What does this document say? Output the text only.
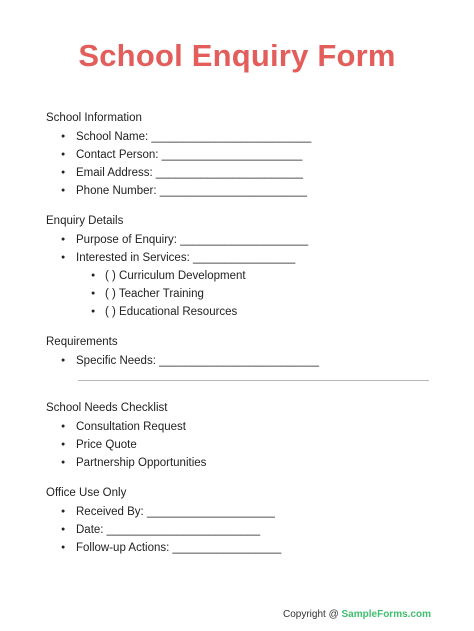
School Enquiry Form
School Information
● School Name: _________________________
● Contact Person: ______________________
● Email Address: _______________________
● Phone Number: _______________________
Enquiry Details
● Purpose of Enquiry: ____________________
● Interested in Services: ________________
● ( ) Curriculum Development
● ( ) Teacher Training
● ( ) Educational Resources
Requirements
● Specific Needs: _________________________
School Needs Checklist
● Consultation Request
● Price Quote
● Partnership Opportunities
Office Use Only
● Received By: ____________________
● Date: ________________________
● Follow-up Actions: _________________
Copyright @ SampleForms.com
